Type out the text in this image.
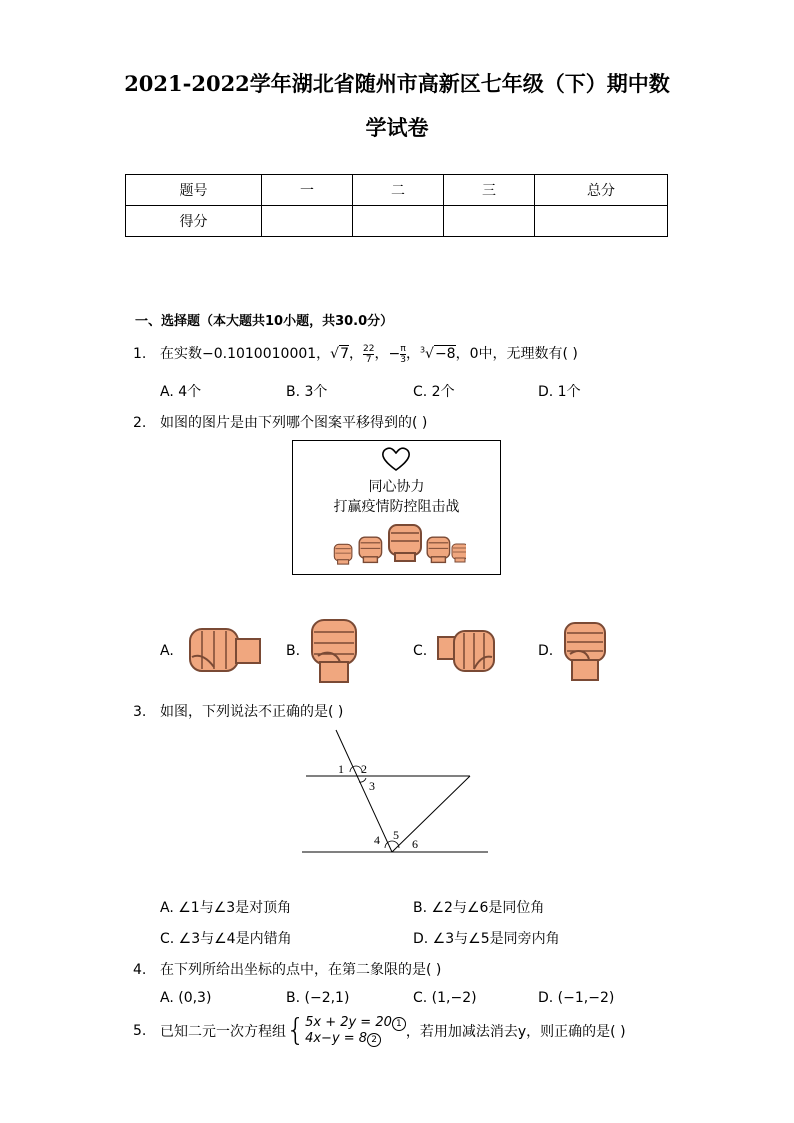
2021-2022学年湖北省随州市高新区七年级（下）期中数
学试卷
题号	一	二	三	总分
得分				
一、选择题（本大题共10小题，共30.0分）
1. 在实数−0.1010010001，√7， $\frac{22}{7}$ ，− $\frac{\pi}{3}$ ，$^3$√−8，0中，无理数有( )
A. 4个	B. 3个	C. 2个	D. 1个
2. 如图的图片是由下列哪个图案平移得到的( )
同心协力
打赢疫情防控阻击战
A.	B.	C.	D.
3. 如图，下列说法不正确的是( )
1 2
3
4 5
6
A. ∠1与∠3是对顶角	B. ∠2与∠6是同位角
C. ∠3与∠4是内错角	D. ∠3与∠5是同旁内角
4. 在下列所给出坐标的点中，在第二象限的是( )
A. (0,3)	B. (−2,1)	C. (1,−2)	D. (−1,−2)
5. 已知二元一次方程组 { 5x + 2y = 20 1
4x−y = 8 2	，若用加减法消去y，则正确的是( )
